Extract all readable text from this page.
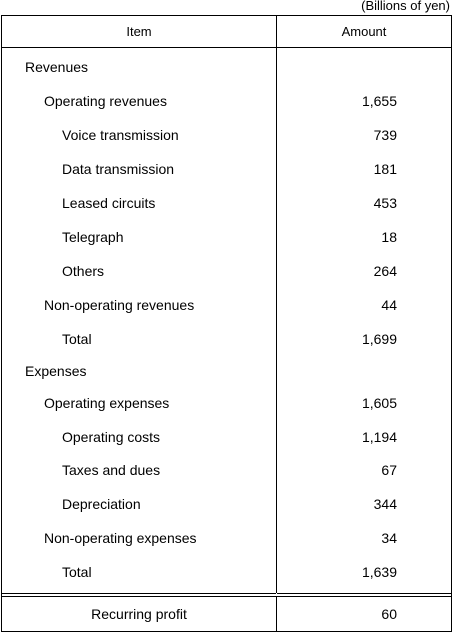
(Billions of yen)
Item	Amount
Revenues
Operating revenues	1,655
Voice transmission	739
Data transmission	181
Leased circuits	453
Telegraph	18
Others	264
Non-operating revenues	44
Total	1,699
Expenses
Operating expenses	1,605
Operating costs	1,194
Taxes and dues	67
Depreciation	344
Non-operating expenses	34
Total	1,639
Recurring profit	60
